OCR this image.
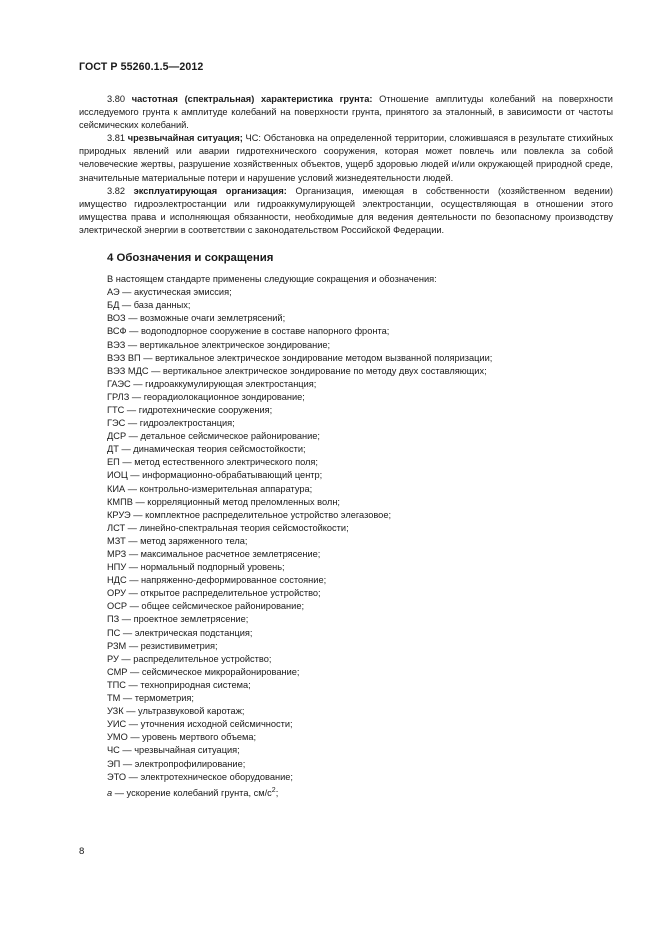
ГОСТ Р 55260.1.5—2012

3.80 частотная (спектральная) характеристика грунта: Отношение амплитуды колебаний на поверхности исследуемого грунта к амплитуде колебаний на поверхности грунта, принятого за эталонный, в зависимости от частоты сейсмических колебаний.

3.81 чрезвычайная ситуация; ЧС: Обстановка на определенной территории, сложившаяся в результате стихийных природных явлений или аварии гидротехнического сооружения, которая может повлечь или повлекла за собой человеческие жертвы, разрушение хозяйственных объектов, ущерб здоровью людей и/или окружающей природной среде, значительные материальные потери и нарушение условий жизнедеятельности людей.

3.82 эксплуатирующая организация: Организация, имеющая в собственности (хозяйственном ведении) имущество гидроэлектростанции или гидроаккумулирующей электростанции, осуществляющая в отношении этого имущества права и исполняющая обязанности, необходимые для ведения деятельности по безопасному производству электрической энергии в соответствии с законодательством Российской Федерации.

4 Обозначения и сокращения

В настоящем стандарте применены следующие сокращения и обозначения:

АЭ — акустическая эмиссия;
БД — база данных;
ВОЗ — возможные очаги землетрясений;
ВСФ — водоподпорное сооружение в составе напорного фронта;
ВЭЗ — вертикальное электрическое зондирование;
ВЭЗ ВП — вертикальное электрическое зондирование методом вызванной поляризации;
ВЭЗ МДС — вертикальное электрическое зондирование по методу двух составляющих;
ГАЭС — гидроаккумулирующая электростанция;
ГРЛЗ — георадиолокационное зондирование;
ГТС — гидротехнические сооружения;
ГЭС — гидроэлектростанция;
ДСР — детальное сейсмическое районирование;
ДТ — динамическая теория сейсмостойкости;
ЕП — метод естественного электрического поля;
ИОЦ — информационно-обрабатывающий центр;
КИА — контрольно-измерительная аппаратура;
КМПВ — корреляционный метод преломленных волн;
КРУЭ — комплектное распределительное устройство элегазовое;
ЛСТ — линейно-спектральная теория сейсмостойкости;
МЗТ — метод заряженного тела;
МРЗ — максимальное расчетное землетрясение;
НПУ — нормальный подпорный уровень;
НДС — напряженно-деформированное состояние;
ОРУ — открытое распределительное устройство;
ОСР — общее сейсмическое районирование;
ПЗ — проектное землетрясение;
ПС — электрическая подстанция;
РЗМ — резистивиметрия;
РУ — распределительное устройство;
СМР — сейсмическое микрорайонирование;
ТПС — техноприродная система;
ТМ — термометрия;
УЗК — ультразвуковой каротаж;
УИС — уточнения исходной сейсмичности;
УМО — уровень мертвого объема;
ЧС — чрезвычайная ситуация;
ЭП — электропрофилирование;
ЭТО — электротехническое оборудование;
a — ускорение колебаний грунта, $см/с^2$;
8
